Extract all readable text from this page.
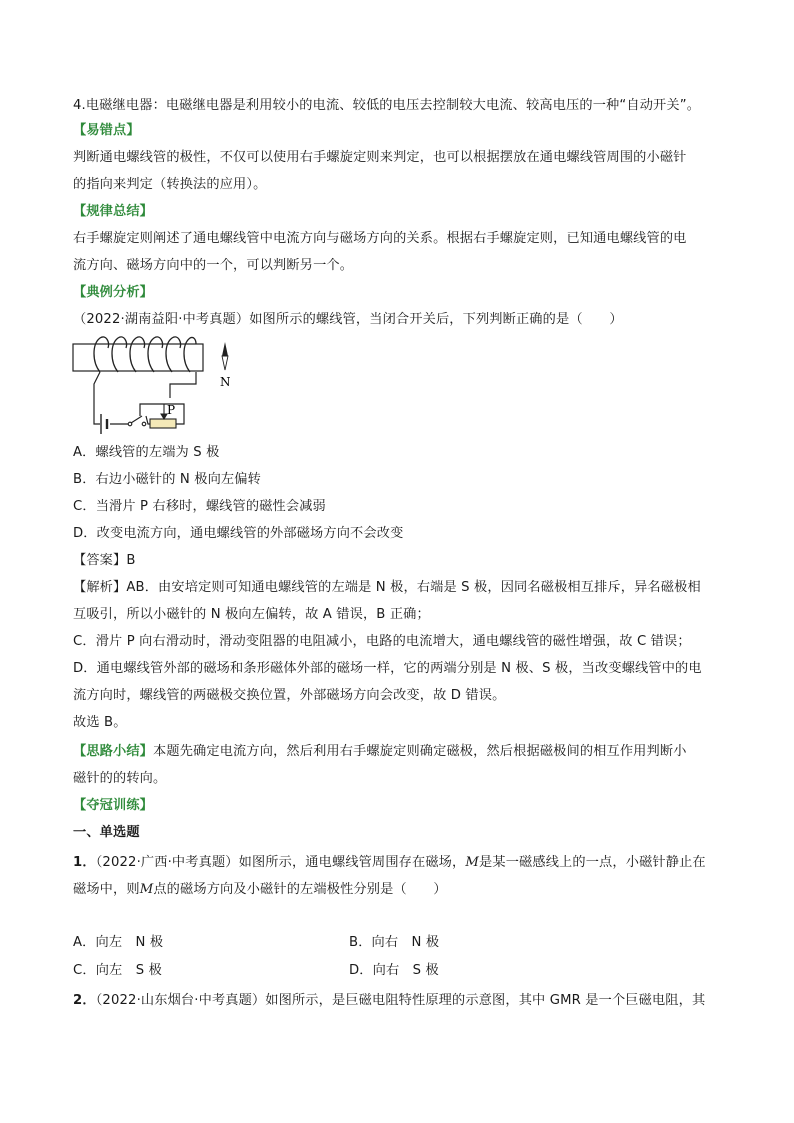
4.电磁继电器：电磁继电器是利用较小的电流、较低的电压去控制较大电流、较高电压的一种“自动开关”。
【易错点】
判断通电螺线管的极性，不仅可以使用右手螺旋定则来判定，也可以根据摆放在通电螺线管周围的小磁针
的指向来判定（转换法的应用）。
【规律总结】
右手螺旋定则阐述了通电螺线管中电流方向与磁场方向的关系。根据右手螺旋定则，已知通电螺线管的电
流方向、磁场方向中的一个，可以判断另一个。
【典例分析】
（2022·湖南益阳·中考真题）如图所示的螺线管，当闭合开关后，下列判断正确的是（　　）
P
N
A．螺线管的左端为 S 极
B．右边小磁针的 N 极向左偏转
C．当滑片 P 右移时，螺线管的磁性会减弱
D．改变电流方向，通电螺线管的外部磁场方向不会改变
【答案】B
【解析】AB．由安培定则可知通电螺线管的左端是 N 极，右端是 S 极，因同名磁极相互排斥，异名磁极相
互吸引，所以小磁针的 N 极向左偏转，故 A 错误，B 正确；
C．滑片 P 向右滑动时，滑动变阻器的电阻减小，电路的电流增大，通电螺线管的磁性增强，故 C 错误；
D．通电螺线管外部的磁场和条形磁体外部的磁场一样，它的两端分别是 N 极、S 极，当改变螺线管中的电
流方向时，螺线管的两磁极交换位置，外部磁场方向会改变，故 D 错误。
故选 B。
【思路小结】本题先确定电流方向，然后利用右手螺旋定则确定磁极，然后根据磁极间的相互作用判断小
磁针的的转向。
【夺冠训练】
一、单选题
1．（2022·广西·中考真题）如图所示，通电螺线管周围存在磁场，M是某一磁感线上的一点，小磁针静止在
磁场中，则M点的磁场方向及小磁针的左端极性分别是（　　）
A．向左　N 极	B．向右　N 极
C．向左　S 极	D．向右　S 极
2．（2022·山东烟台·中考真题）如图所示，是巨磁电阻特性原理的示意图，其中 GMR 是一个巨磁电阻，其
